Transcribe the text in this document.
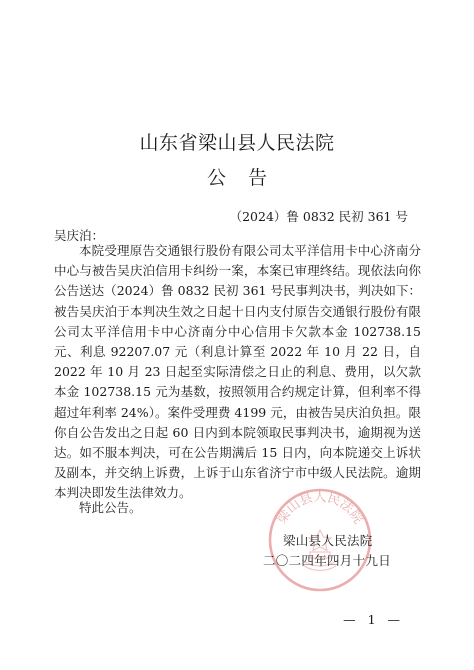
山东省梁山县人民法院
公告
（2024）鲁 0832 民初 361 号
吴庆泊：

本院受理原告交通银行股份有限公司太平洋信用卡中心济南分中心与被告吴庆泊信用卡纠纷一案，本案已审理终结。现依法向你公告送达（2024）鲁 0832 民初 361 号民事判决书，判决如下：被告吴庆泊于本判决生效之日起十日内支付原告交通银行股份有限公司太平洋信用卡中心济南分中心信用卡欠款本金 102738.15 元、利息 92207.07 元（利息计算至 2022 年 10 月 22 日，自 2022 年 10 月 23 日起至实际清偿之日止的利息、费用，以欠款本金 102738.15 元为基数，按照领用合约规定计算，但利率不得超过年利率 24%）。案件受理费 4199 元，由被告吴庆泊负担。限你自公告发出之日起 60 日内到本院领取民事判决书，逾期视为送达。如不服本判决，可在公告期满后 15 日内，向本院递交上诉状及副本，并交纳上诉费，上诉于山东省济宁市中级人民法院。逾期本判决即发生法律效力。

特此公告。
梁山县人民法院
梁山县人民法院
二〇二四年四月十九日
— 1 —
